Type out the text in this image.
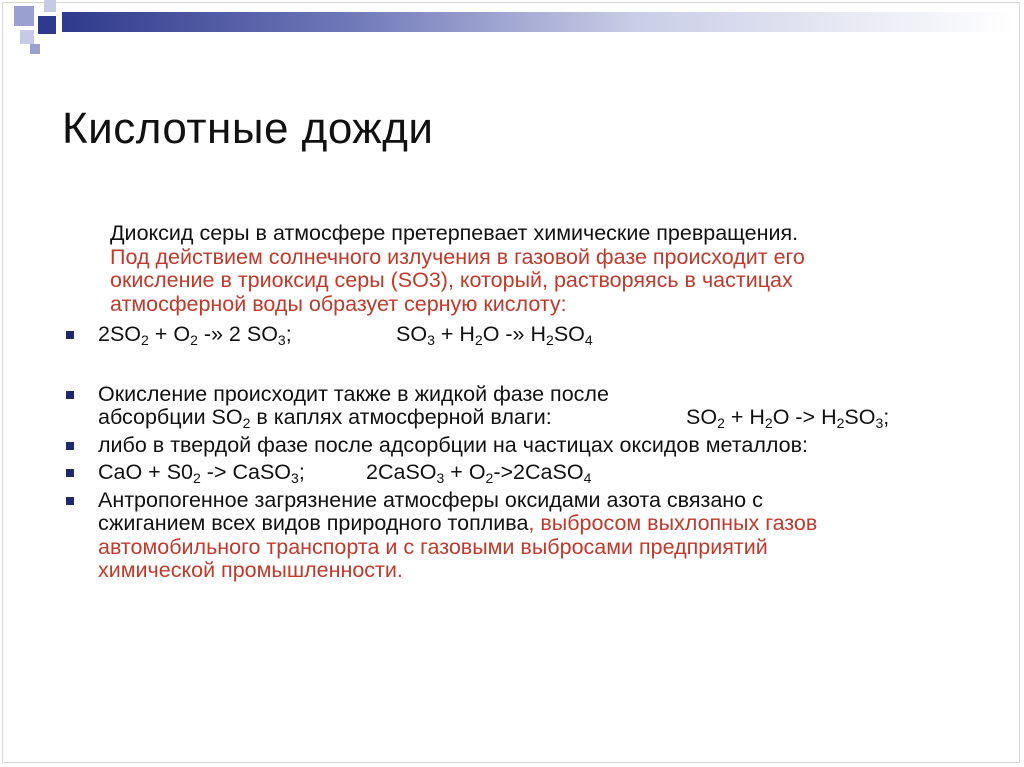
Кислотные дожди
Диоксид серы в атмосфере претерпевает химические превращения.
Под действием солнечного излучения в газовой фазе происходит его
окисление в триоксид серы (SO3), который, растворяясь в частицах
атмосферной воды образует серную кислоту:
$2SO_2 + O_2$ -» 2 $SO_3$;	$SO_3 + H_2O$ -» $H_2SO_4$
Окисление происходит также в жидкой фазе после
абсорбции $SO_2$ в каплях атмосферной влаги:	$SO_2 + H_2O -> H_2SO_3$;
либо в твердой фазе после адсорбции на частицах оксидов металлов:
CaO + $S0_2$ -> CaSO$_3$;	2CaSO$_3$ + $O_2->2CaSO_4$
Антропогенное загрязнение атмосферы оксидами азота связано с
сжиганием всех видов природного топлива, выбросом выхлопных газов
автомобильного транспорта и с газовыми выбросами предприятий
химической промышленности.
